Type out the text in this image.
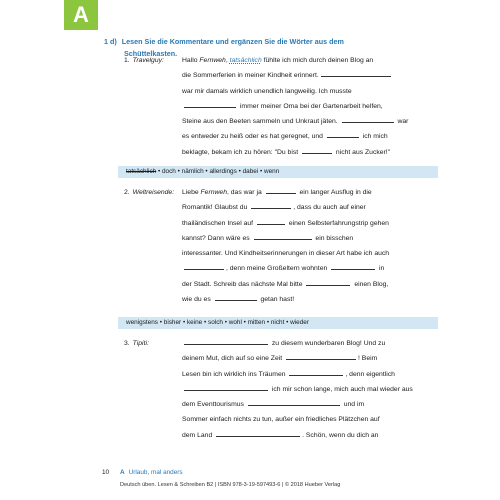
A
1 d) Lesen Sie die Kommentare und ergänzen Sie die Wörter aus dem
Schüttelkasten.
1. Travelguy:	Hallo Fernweh, tatsächlich fühlte ich mich durch deinen Blog an
die Sommerferien in meiner Kindheit erinnert.
war mir damals wirklich unendlich langweilig. Ich musste
immer meiner Oma bei der Gartenarbeit helfen,
Steine aus den Beeten sammeln und Unkraut jäten.	war
es entweder zu heiß oder es hat geregnet, und	ich mich
beklagte, bekam ich zu hören: "Du bist	nicht aus Zucker!"
tatsächlich • doch • nämlich • allerdings • dabei • wenn
2. Weltreisende: Liebe Fernweh, das war ja	ein langer Ausflug in die
Romantik! Glaubst du	, dass du auch auf einer
thailändischen Insel auf	einen Selbsterfahrungstrip gehen
kannst? Dann wäre es	ein bisschen
interessanter. Und Kindheitserinnerungen in dieser Art habe ich auch
, denn meine Großeltern wohnten	in
der Stadt. Schreib das nächste Mal bitte	einen Blog,
wie du es	getan hast!
wenigstens • bisher • keine • solch • wohl • mitten • nicht • wieder
3. Tipiti:	zu diesem wunderbaren Blog! Und zu
deinem Mut, dich auf so eine Zeit	! Beim
Lesen bin ich wirklich ins Träumen	, denn eigentlich
ich mir schon lange, mich auch mal wieder aus
dem Eventtourismus	und im
Sommer einfach nichts zu tun, außer ein friedliches Plätzchen auf
dem Land	. Schön, wenn du dich an
10 A Urlaub, mal anders
Deutsch üben. Lesen & Schreiben B2 | ISBN 978-3-19-597493-6 | © 2018 Hueber Verlag
